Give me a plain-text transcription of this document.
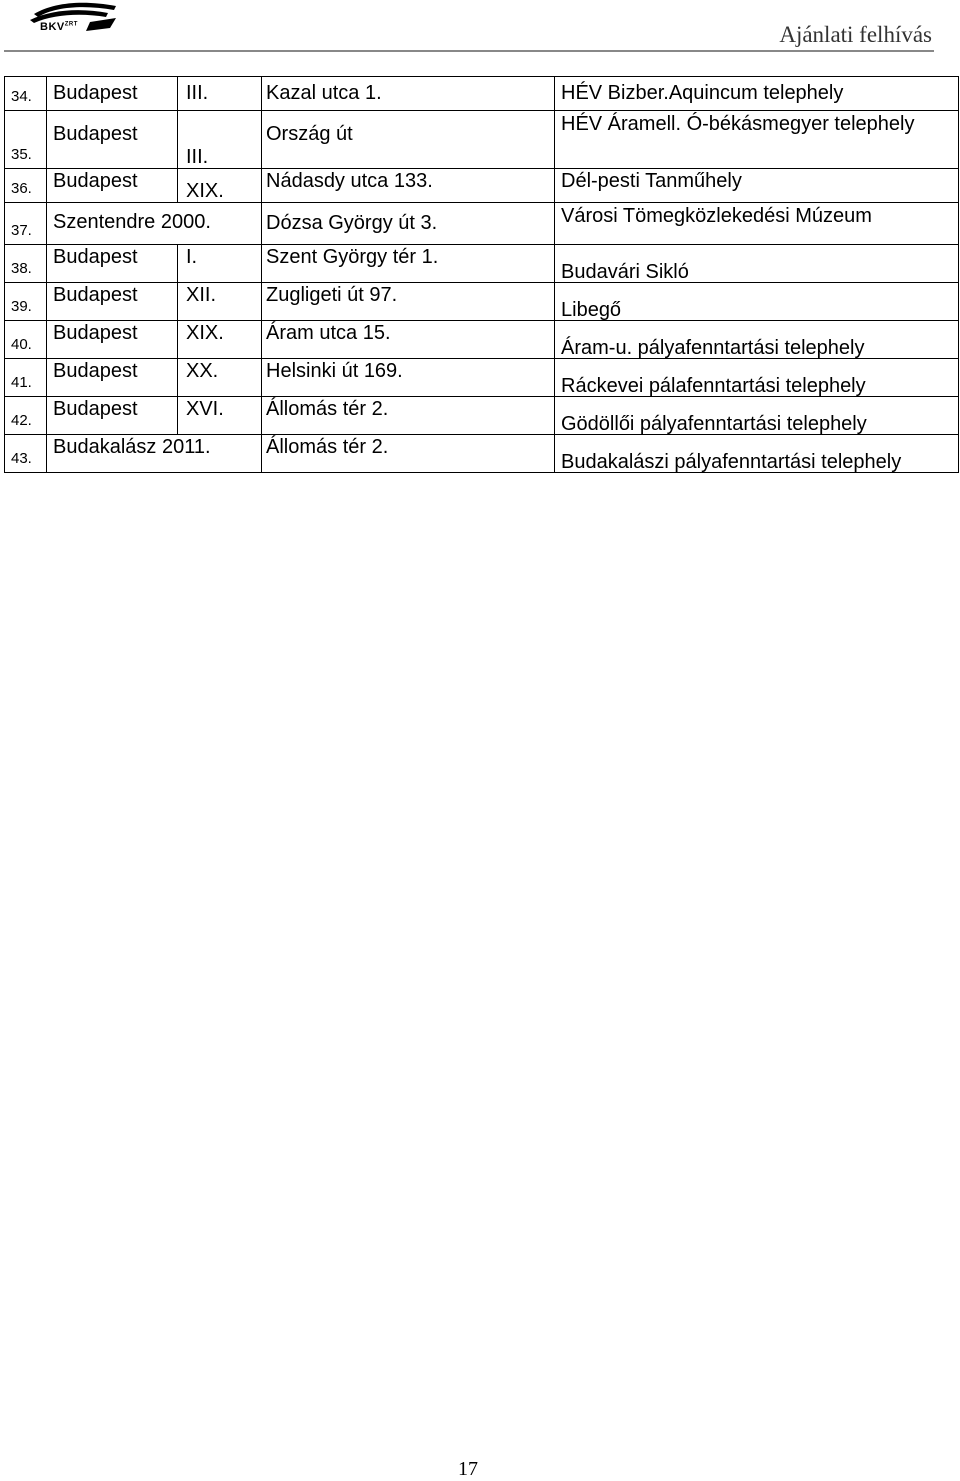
$BKV^{ZRT}$	Ajánlati felhívás
34.	Budapest	III.	Kazal utca 1.	HÉV Bizber.Aquincum telephely

35.	Budapest	III.	Ország út	HÉV Áramell. Ó-békásmegyer telephely

36.	Budapest	XIX.	Nádasdy utca 133.	Dél-pesti Tanműhely

37.	Szentendre 2000.		Dózsa György út 3.	Városi Tömegközlekedési Múzeum

38.	Budapest	I.	Szent György tér 1.	Budavári Sikló

39.	Budapest	XII.	Zugligeti út 97.	Libegő

40.	Budapest	XIX.	Áram utca 15.	Áram-u. pályafenntartási telephely

41.	Budapest	XX.	Helsinki út 169.	Ráckevei pálafenntartási telephely

42.	Budapest	XVI.	Állomás tér 2.	Gödöllői pályafenntartási telephely

43.	Budakalász 2011.		Állomás tér 2.	Budakalászi pályafenntartási telephely
17
